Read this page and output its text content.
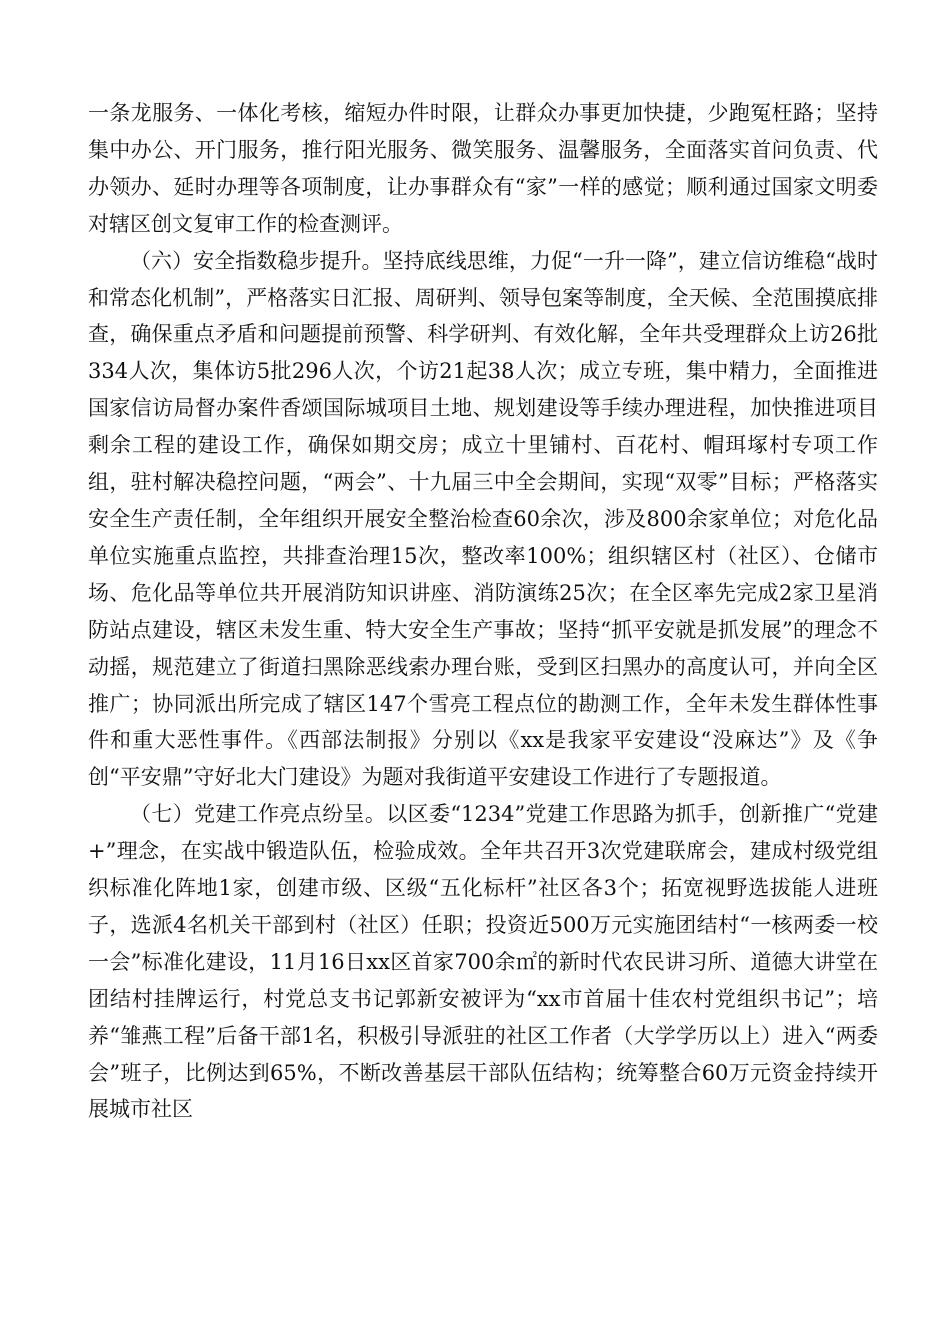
一条龙服务、一体化考核，缩短办件时限，让群众办事更加快捷，少跑冤枉路；坚持集中办公、开门服务，推行阳光服务、微笑服务、温馨服务，全面落实首问负责、代办领办、延时办理等各项制度，让办事群众有“家”一样的感觉；顺利通过国家文明委对辖区创文复审工作的检查测评。

（六）安全指数稳步提升。坚持底线思维，力促“一升一降”，建立信访维稳“战时和常态化机制”，严格落实日汇报、周研判、领导包案等制度，全天候、全范围摸底排查，确保重点矛盾和问题提前预警、科学研判、有效化解，全年共受理群众上访26批334人次，集体访5批296人次，个访21起38人次；成立专班，集中精力，全面推进国家信访局督办案件香颂国际城项目土地、规划建设等手续办理进程，加快推进项目剩余工程的建设工作，确保如期交房；成立十里铺村、百花村、帽珥塚村专项工作组，驻村解决稳控问题，“两会”、十九届三中全会期间，实现“双零”目标；严格落实安全生产责任制，全年组织开展安全整治检查60余次，涉及800余家单位；对危化品单位实施重点监控，共排查治理15次，整改率100%；组织辖区村（社区）、仓储市场、危化品等单位共开展消防知识讲座、消防演练25次；在全区率先完成2家卫星消防站点建设，辖区未发生重、特大安全生产事故；坚持“抓平安就是抓发展”的理念不动摇，规范建立了街道扫黑除恶线索办理台账，受到区扫黑办的高度认可，并向全区推广；协同派出所完成了辖区147个雪亮工程点位的勘测工作，全年未发生群体性事件和重大恶性事件。《西部法制报》分别以《xx是我家平安建设“没麻达”》及《争创“平安鼎”守好北大门建设》为题对我街道平安建设工作进行了专题报道。

（七）党建工作亮点纷呈。以区委“1234”党建工作思路为抓手，创新推广“党建+”理念，在实战中锻造队伍，检验成效。全年共召开3次党建联席会，建成村级党组织标准化阵地1家，创建市级、区级“五化标杆”社区各3个；拓宽视野选拔能人进班子，选派4名机关干部到村（社区）任职；投资近500万元实施团结村“一核两委一校一会”标准化建设，11月16日xx区首家700余㎡的新时代农民讲习所、道德大讲堂在团结村挂牌运行，村党总支书记郭新安被评为“xx市首届十佳农村党组织书记”；培养“雏燕工程”后备干部1名，积极引导派驻的社区工作者（大学学历以上）进入“两委会”班子，比例达到65%，不断改善基层干部队伍结构；统筹整合60万元资金持续开展城市社区
